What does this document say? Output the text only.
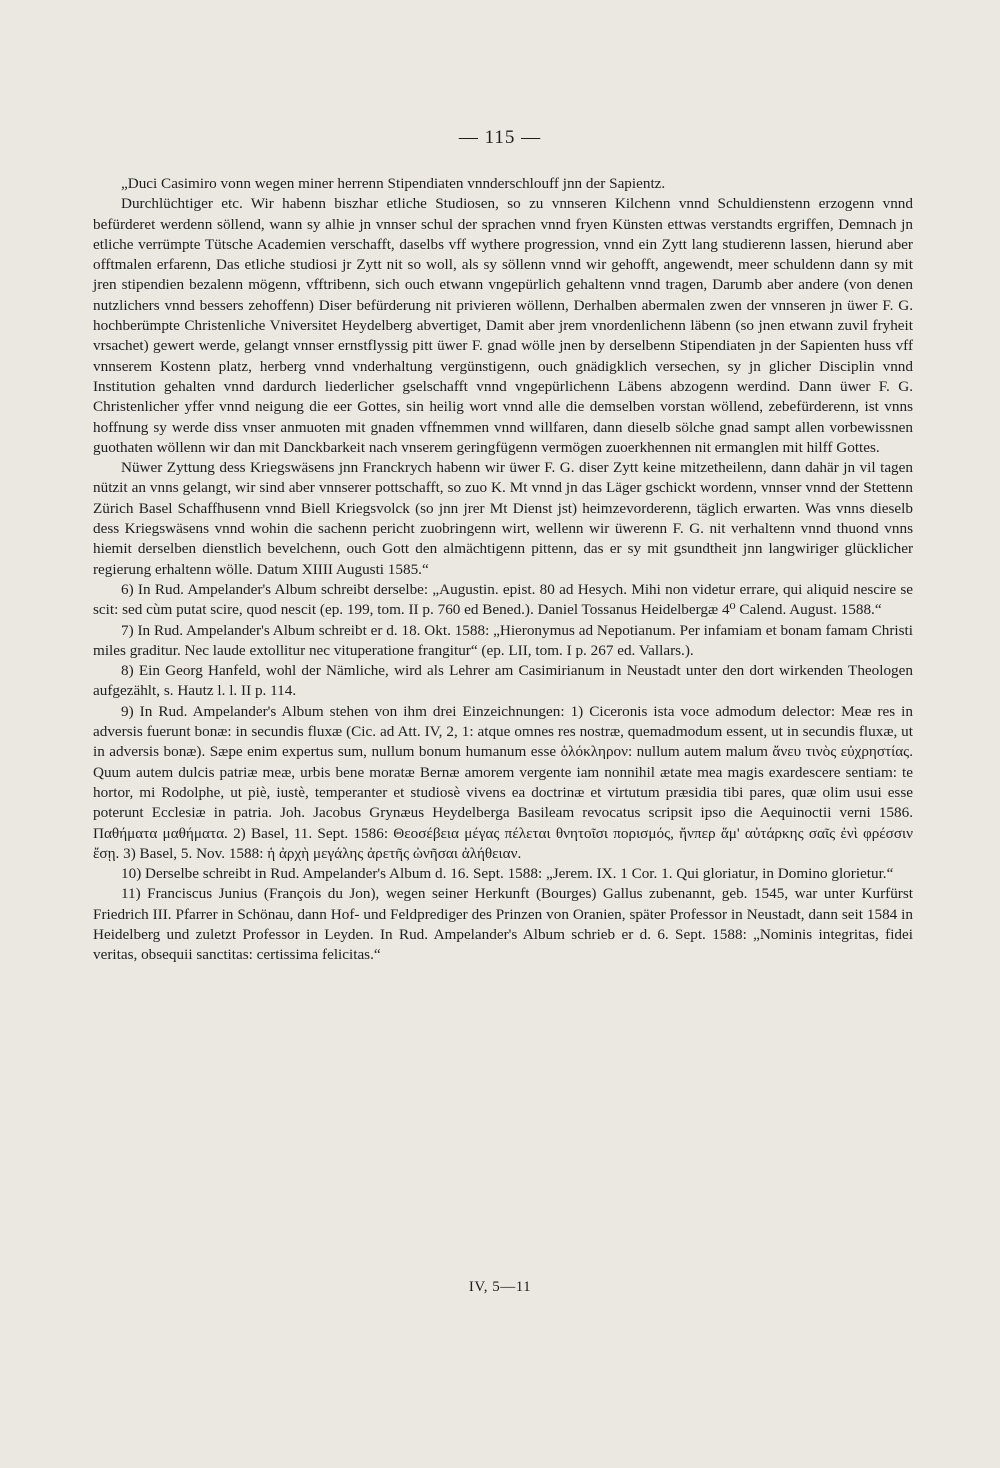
— 115 —

„Duci Casimiro vonn wegen miner herrenn Stipendiaten vnnderschlouff jnn der Sapientz.

Durchlüchtiger etc. Wir habenn biszhar etliche Studiosen, so zu vnnseren Kilchenn vnnd Schuldienstenn erzogenn vnnd befürderet werdenn söllend, wann sy alhie jn vnnser schul der sprachen vnnd fryen Künsten ettwas verstandts ergriffen, Demnach jn etliche verrümpte Tütsche Academien verschafft, daselbs vff wythere progression, vnnd ein Zytt lang studierenn lassen, hierund aber offtmalen erfarenn, Das etliche studiosi jr Zytt nit so woll, als sy söllenn vnnd wir gehofft, angewendt, meer schuldenn dann sy mit jren stipendien bezalenn mögenn, vfftribenn, sich ouch etwann vngepürlich gehaltenn vnnd tragen, Darumb aber andere (von denen nutzlichers vnnd bessers zehoffenn) Diser befürderung nit privieren wöllenn, Derhalben abermalen zwen der vnnseren jn üwer F. G. hochberümpte Christenliche Vniversitet Heydelberg abvertiget, Damit aber jrem vnordenlichenn läbenn (so jnen etwann zuvil fryheit vrsachet) gewert werde, gelangt vnnser ernstflyssig pitt üwer F. gnad wölle jnen by derselbenn Stipendiaten jn der Sapienten huss vff vnnserem Kostenn platz, herberg vnnd vnderhaltung vergünstigenn, ouch gnädigklich versechen, sy jn glicher Disciplin vnnd Institution gehalten vnnd dardurch liederlicher gselschafft vnnd vngepürlichenn Läbens abzogenn werdind. Dann üwer F. G. Christenlicher yffer vnnd neigung die eer Gottes, sin heilig wort vnnd alle die demselben vorstan wöllend, zebefürderenn, ist vnns hoffnung sy werde diss vnser anmuoten mit gnaden vffnemmen vnnd willfaren, dann dieselb sölche gnad sampt allen vorbewissnen guothaten wöllenn wir dan mit Danckbarkeit nach vnserem geringfügenn vermögen zuoerkhennen nit ermanglen mit hilff Gottes.

Nüwer Zyttung dess Kriegswäsens jnn Franckrych habenn wir üwer F. G. diser Zytt keine mitzetheilenn, dann dahär jn vil tagen nützit an vnns gelangt, wir sind aber vnnserer pottschafft, so zuo K. Mt vnnd jn das Läger gschickt wordenn, vnnser vnnd der Stettenn Zürich Basel Schaffhusenn vnnd Biell Kriegsvolck (so jnn jrer Mt Dienst jst) heimzevorderenn, täglich erwarten. Was vnns dieselb dess Kriegswäsens vnnd wohin die sachenn pericht zuobringenn wirt, wellenn wir üwerenn F. G. nit verhaltenn vnnd thuond vnns hiemit derselben dienstlich bevelchenn, ouch Gott den almächtigenn pittenn, das er sy mit gsundtheit jnn langwiriger glücklicher regierung erhaltenn wölle. Datum XIIII Augusti 1585.“

6) In Rud. Ampelander's Album schreibt derselbe: „Augustin. epist. 80 ad Hesych. Mihi non videtur errare, qui aliquid nescire se scit: sed cùm putat scire, quod nescit (ep. 199, tom. II p. 760 ed Bened.). Daniel Tossanus Heidelbergæ 4⁰ Calend. August. 1588.“

7) In Rud. Ampelander's Album schreibt er d. 18. Okt. 1588: „Hieronymus ad Nepotianum. Per infamiam et bonam famam Christi miles graditur. Nec laude extollitur nec vituperatione frangitur“ (ep. LII, tom. I p. 267 ed. Vallars.).

8) Ein Georg Hanfeld, wohl der Nämliche, wird als Lehrer am Casimirianum in Neustadt unter den dort wirkenden Theologen aufgezählt, s. Hautz l. l. II p. 114.

9) In Rud. Ampelander's Album stehen von ihm drei Einzeichnungen: 1) Ciceronis ista voce admodum delector: Meæ res in adversis fuerunt bonæ: in secundis fluxæ (Cic. ad Att. IV, 2, 1: atque omnes res nostræ, quemadmodum essent, ut in secundis fluxæ, ut in adversis bonæ). Sæpe enim expertus sum, nullum bonum humanum esse ὁλόκληρον: nullum autem malum ἄνευ τινὸς εὐχρηστίας. Quum autem dulcis patriæ meæ, urbis bene moratæ Bernæ amorem vergente iam nonnihil ætate mea magis exardescere sentiam: te hortor, mi Rodolphe, ut piè, iustè, temperanter et studiosè vivens ea doctrinæ et virtutum præsidia tibi pares, quæ olim usui esse poterunt Ecclesiæ in patria. Joh. Jacobus Grynæus Heydelberga Basileam revocatus scripsit ipso die Aequinoctii verni 1586. Παθήματα μαθήματα. 2) Basel, 11. Sept. 1586: Θεοσέβεια μέγας πέλεται θνητοῖσι πορισμός, ἤνπερ ἅμ' αὐτάρκης σαῖς ἐνὶ φρέσσιν ἔσῃ. 3) Basel, 5. Nov. 1588: ἡ ἀρχὴ μεγάλης ἀρετῆς ὠνῆσαι ἀλήθειαν.

10) Derselbe schreibt in Rud. Ampelander's Album d. 16. Sept. 1588: „Jerem. IX. 1 Cor. 1. Qui gloriatur, in Domino glorietur.“

11) Franciscus Junius (François du Jon), wegen seiner Herkunft (Bourges) Gallus zubenannt, geb. 1545, war unter Kurfürst Friedrich III. Pfarrer in Schönau, dann Hof- und Feldprediger des Prinzen von Oranien, später Professor in Neustadt, dann seit 1584 in Heidelberg und zuletzt Professor in Leyden. In Rud. Ampelander's Album schrieb er d. 6. Sept. 1588: „Nominis integritas, fidei veritas, obsequii sanctitas: certissima felicitas.“

IV, 5—11
